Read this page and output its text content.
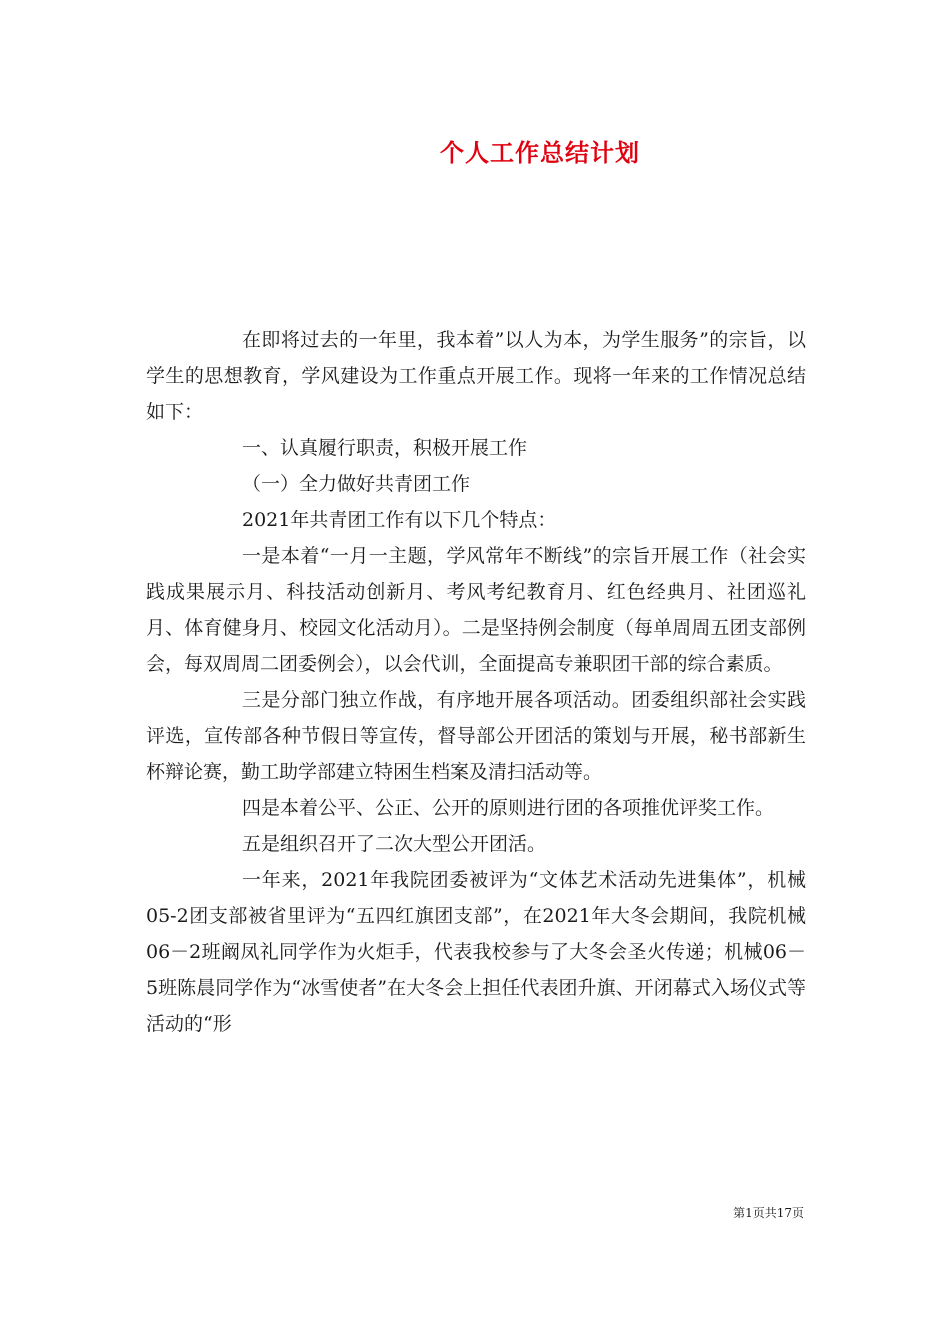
个人工作总结计划

在即将过去的一年里，我本着”以人为本，为学生服务”的宗旨，以学生的思想教育，学风建设为工作重点开展工作。现将一年来的工作情况总结如下：

一、认真履行职责，积极开展工作

（一）全力做好共青团工作

2021年共青团工作有以下几个特点：

一是本着“一月一主题，学风常年不断线”的宗旨开展工作（社会实践成果展示月、科技活动创新月、考风考纪教育月、红色经典月、社团巡礼月、体育健身月、校园文化活动月）。二是坚持例会制度（每单周周五团支部例会，每双周周二团委例会），以会代训，全面提高专兼职团干部的综合素质。

三是分部门独立作战，有序地开展各项活动。团委组织部社会实践评选，宣传部各种节假日等宣传，督导部公开团活的策划与开展，秘书部新生杯辩论赛，勤工助学部建立特困生档案及清扫活动等。

四是本着公平、公正、公开的原则进行团的各项推优评奖工作。

五是组织召开了二次大型公开团活。

一年来，2021年我院团委被评为“文体艺术活动先进集体”，机械05-2团支部被省里评为“五四红旗团支部”，在2021年大冬会期间，我院机械06－2班阚凤礼同学作为火炬手，代表我校参与了大冬会圣火传递；机械06－5班陈晨同学作为“冰雪使者”在大冬会上担任代表团升旗、开闭幕式入场仪式等活动的“形

第1页共17页
